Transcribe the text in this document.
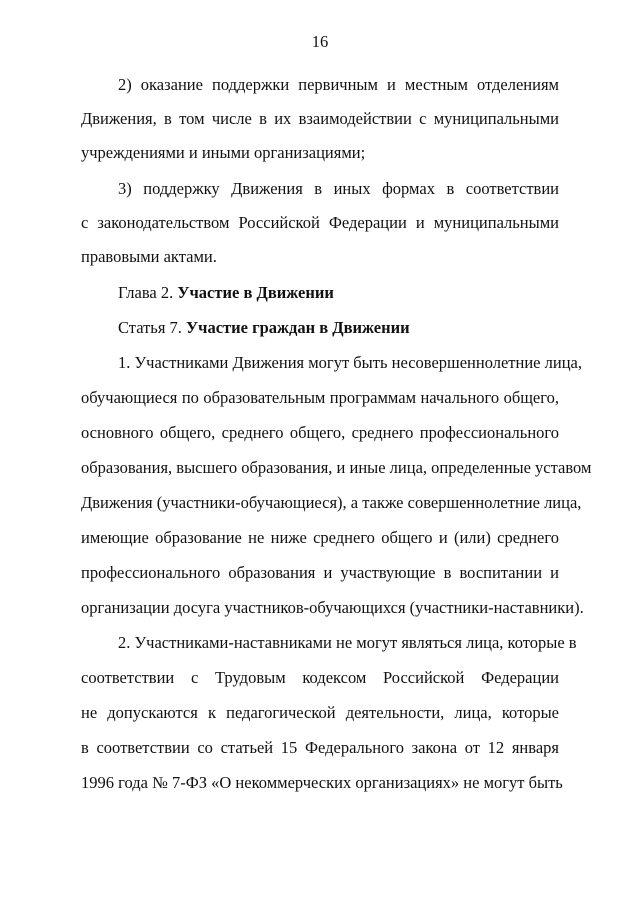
16
2) оказание поддержки первичным и местным отделениям
Движения, в том числе в их взаимодействии с муниципальными
учреждениями и иными организациями;
3) поддержку Движения в иных формах в соответствии
с законодательством Российской Федерации и муниципальными
правовыми актами.
Глава 2. Участие в Движении
Статья 7. Участие граждан в Движении
1. Участниками Движения могут быть несовершеннолетние лица,
обучающиеся по образовательным программам начального общего,
основного общего, среднего общего, среднего профессионального
образования, высшего образования, и иные лица, определенные уставом
Движения (участники-обучающиеся), а также совершеннолетние лица,
имеющие образование не ниже среднего общего и (или) среднего
профессионального образования и участвующие в воспитании и
организации досуга участников-обучающихся (участники-наставники).
2. Участниками-наставниками не могут являться лица, которые в
соответствии с Трудовым кодексом Российской Федерации
не допускаются к педагогической деятельности, лица, которые
в соответствии со статьей 15 Федерального закона от 12 января
1996 года № 7-ФЗ «О некоммерческих организациях» не могут быть
